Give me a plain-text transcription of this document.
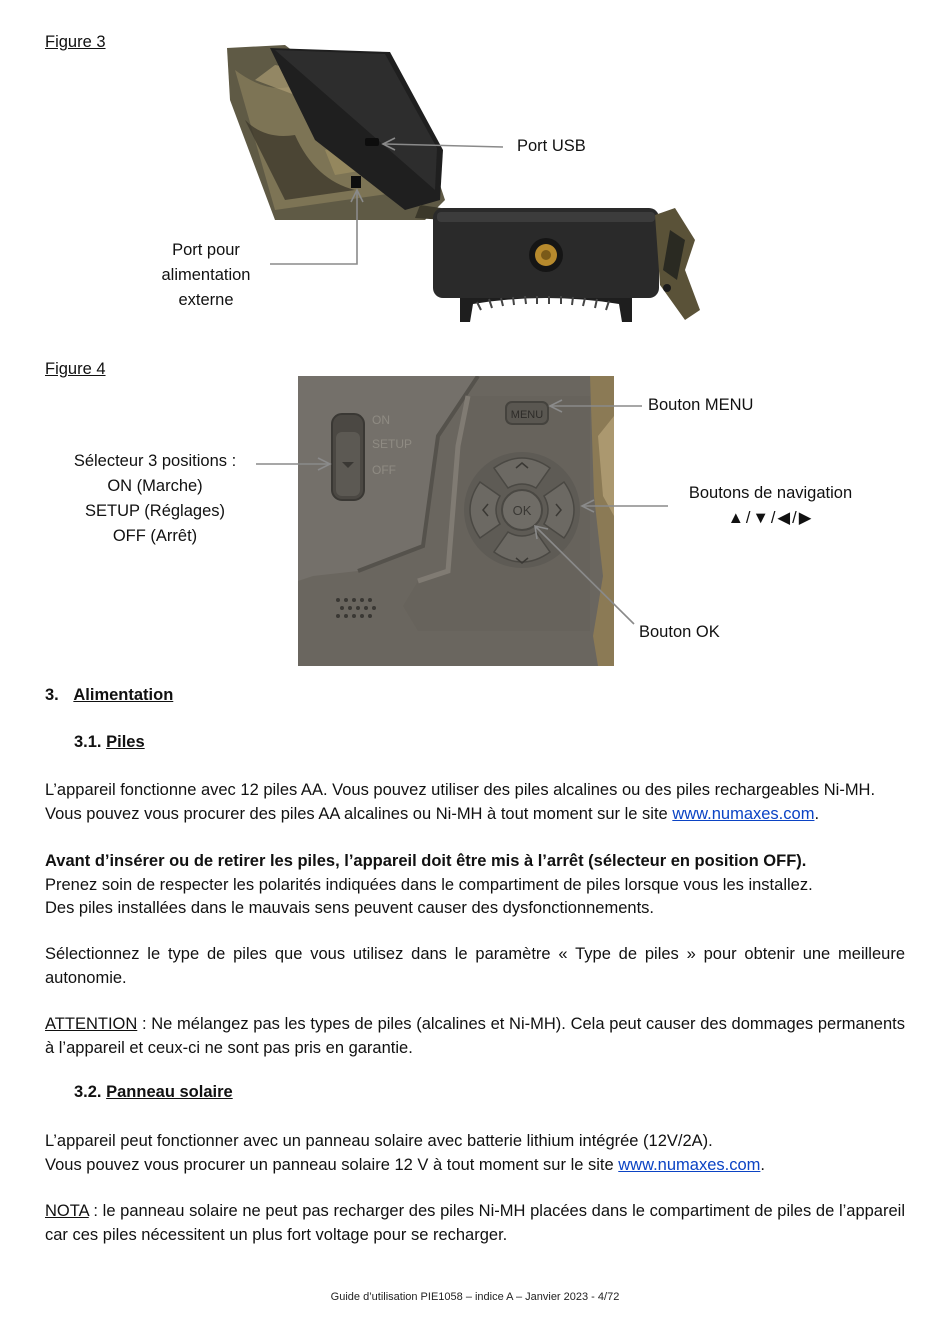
Figure 3
Port USB
Port pour
alimentation
externe
Figure 4
ON
SETUP
OFF
MENU
OK
Bouton MENU
Sélecteur 3 positions :
ON (Marche)
SETUP (Réglages)
OFF (Arrêt)
Boutons de navigation
▲/▼/◀/▶
Bouton OK
3. Alimentation
3.1. Piles
L’appareil fonctionne avec 12 piles AA. Vous pouvez utiliser des piles alcalines ou des piles rechargeables Ni-MH.
Vous pouvez vous procurer des piles AA alcalines ou Ni-MH à tout moment sur le site www.numaxes.com.
Avant d’insérer ou de retirer les piles, l’appareil doit être mis à l’arrêt (sélecteur en position OFF).
Prenez soin de respecter les polarités indiquées dans le compartiment de piles lorsque vous les installez.
Des piles installées dans le mauvais sens peuvent causer des dysfonctionnements.
Sélectionnez le type de piles que vous utilisez dans le paramètre « Type de piles » pour obtenir une meilleure autonomie.
ATTENTION : Ne mélangez pas les types de piles (alcalines et Ni-MH). Cela peut causer des dommages permanents à l’appareil et ceux-ci ne sont pas pris en garantie.
3.2. Panneau solaire
L’appareil peut fonctionner avec un panneau solaire avec batterie lithium intégrée (12V/2A).
Vous pouvez vous procurer un panneau solaire 12 V à tout moment sur le site www.numaxes.com.
NOTA : le panneau solaire ne peut pas recharger des piles Ni-MH placées dans le compartiment de piles de l’appareil car ces piles nécessitent un plus fort voltage pour se recharger.
Guide d’utilisation PIE1058 – indice A – Janvier 2023 - 4/72
